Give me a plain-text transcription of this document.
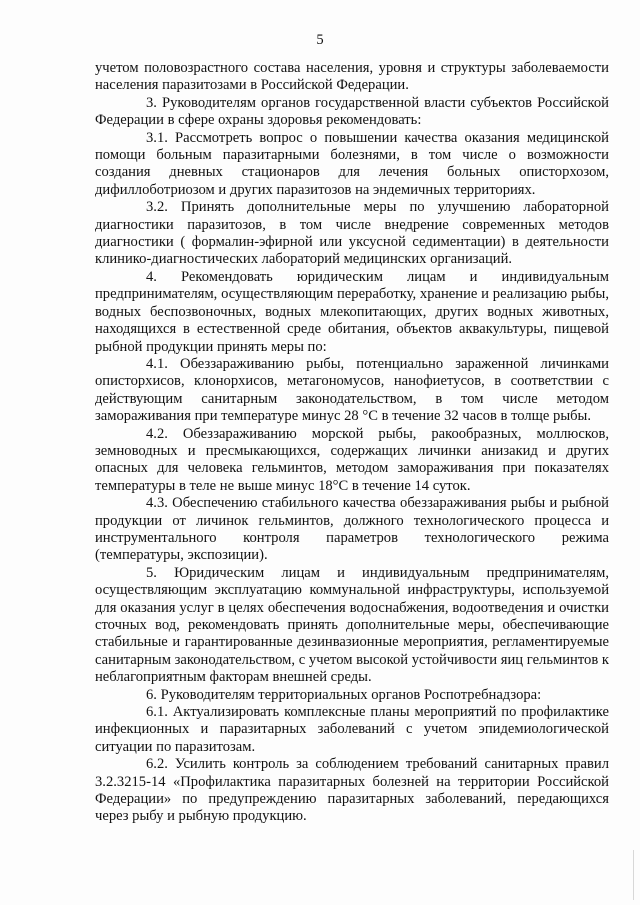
5

учетом половозрастного состава населения, уровня и структуры заболеваемости населения паразитозами в Российской Федерации.

3. Руководителям органов государственной власти субъектов Российской Федерации в сфере охраны здоровья рекомендовать:

3.1. Рассмотреть вопрос о повышении качества оказания медицинской помощи больным паразитарными болезнями, в том числе о возможности создания дневных стационаров для лечения больных описторхозом, дифиллоботриозом и других паразитозов на эндемичных территориях.

3.2. Принять дополнительные меры по улучшению лабораторной диагностики паразитозов, в том числе внедрение современных методов диагностики ( формалин-эфирной или уксусной седиментации) в деятельности клинико-диагностических лабораторий медицинских организаций.

4. Рекомендовать юридическим лицам и индивидуальным предпринимателям, осуществляющим переработку, хранение и реализацию рыбы, водных беспозвоночных, водных млекопитающих, других водных животных, находящихся в естественной среде обитания, объектов аквакультуры, пищевой рыбной продукции принять меры по:

4.1. Обеззараживанию рыбы, потенциально зараженной личинками описторхисов, клонорхисов, метагономусов, нанофиетусов, в соответствии с действующим санитарным законодательством, в том числе методом замораживания при температуре минус 28 °С в течение 32 часов в толще рыбы.

4.2. Обеззараживанию морской рыбы, ракообразных, моллюсков, земноводных и пресмыкающихся, содержащих личинки анизакид и других опасных для человека гельминтов, методом замораживания при показателях температуры в теле не выше минус 18°С в течение 14 суток.

4.3. Обеспечению стабильного качества обеззараживания рыбы и рыбной продукции от личинок гельминтов, должного технологического процесса и инструментального контроля параметров технологического режима (температуры, экспозиции).

5. Юридическим лицам и индивидуальным предпринимателям, осуществляющим эксплуатацию коммунальной инфраструктуры, используемой для оказания услуг в целях обеспечения водоснабжения, водоотведения и очистки сточных вод, рекомендовать принять дополнительные меры, обеспечивающие стабильные и гарантированные дезинвазионные мероприятия, регламентируемые санитарным законодательством, с учетом высокой устойчивости яиц гельминтов к неблагоприятным факторам внешней среды.

6. Руководителям территориальных органов Роспотребнадзора:

6.1. Актуализировать комплексные планы мероприятий по профилактике инфекционных и паразитарных заболеваний с учетом эпидемиологической ситуации по паразитозам.

6.2. Усилить контроль за соблюдением требований санитарных правил 3.2.3215-14 «Профилактика паразитарных болезней на территории Российской Федерации» по предупреждению паразитарных заболеваний, передающихся через рыбу и рыбную продукцию.
